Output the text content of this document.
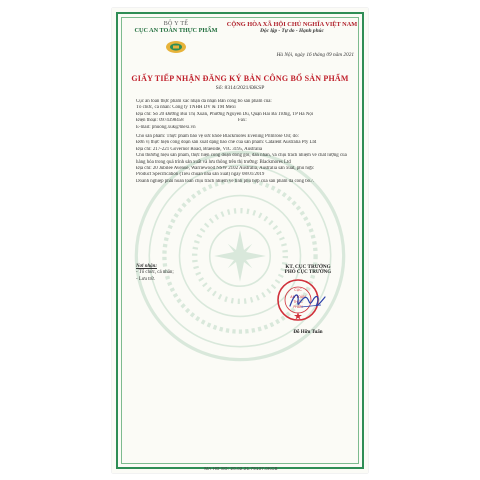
BỘ Y TẾ
CỤC AN TOÀN THỰC PHẨM
CỘNG HÒA XÃ HỘI CHỦ NGHĨA VIỆT NAM
Độc lập - Tự do - Hạnh phúc
Hà Nội, ngày 16 tháng 09 năm 2021
GIẤY TIẾP NHẬN ĐĂNG KÝ BẢN CÔNG BỐ SẢN PHẨM
Số: 8314/2021/ĐKSP
Cục an toàn thực phẩm xác nhận đã nhận Bản công bố sản phẩm của:
Tổ chức, cá nhân: Công ty TNHH DV & TM Mexi
Địa chỉ: Số 20 Đường Bùi Thị Xuân, Phường Nguyễn Du, Quận Hai Bà Trưng, TP Hà Nội
Điện thoại: 0974398458	Fax:
E-mail: phuong.xuk@mexi.vn
Cho sản phẩm: Thực phẩm bảo vệ sức khỏe Blackmores Evening Primrose Oil; do:
Đơn vị thực hiện công đoạn sản xuất dạng bào chế của sản phẩm: Catalent Australia Pty Ltd
Địa chỉ: 217-221 Governor Road, Braeside, VIC 3195, Australia
Chủ thương hiệu sản phẩm, thực hiện công đoạn đóng gói, dán nhãn, và chịu trách nhiệm về chất lượng của hàng hóa trong quá trình sản xuất và lưu thông trên thị trường: Blackmores Ltd
Địa chỉ: 20 Jubilee Avenue, Warriewood NSW 2102 Australia, Australia sản xuất, phù hợp:
Product Specification (Tiêu chuẩn nhà sản xuất) ngày 08/01/2019
Doanh nghiệp phải hoàn toàn chịu trách nhiệm về tính phù hợp của sản phẩm đã công bố./.
Nơi nhận:
- Tổ chức, cá nhân;
- Lưu trữ.
KT. CỤC TRƯỞNG
PHÓ CỤC TRƯỞNG
CỤC
AN TOÀN
THỰC
PHẨM
Đỗ Hữu Tuấn
MA HO SO: 20.02.21.79137.0KCB
